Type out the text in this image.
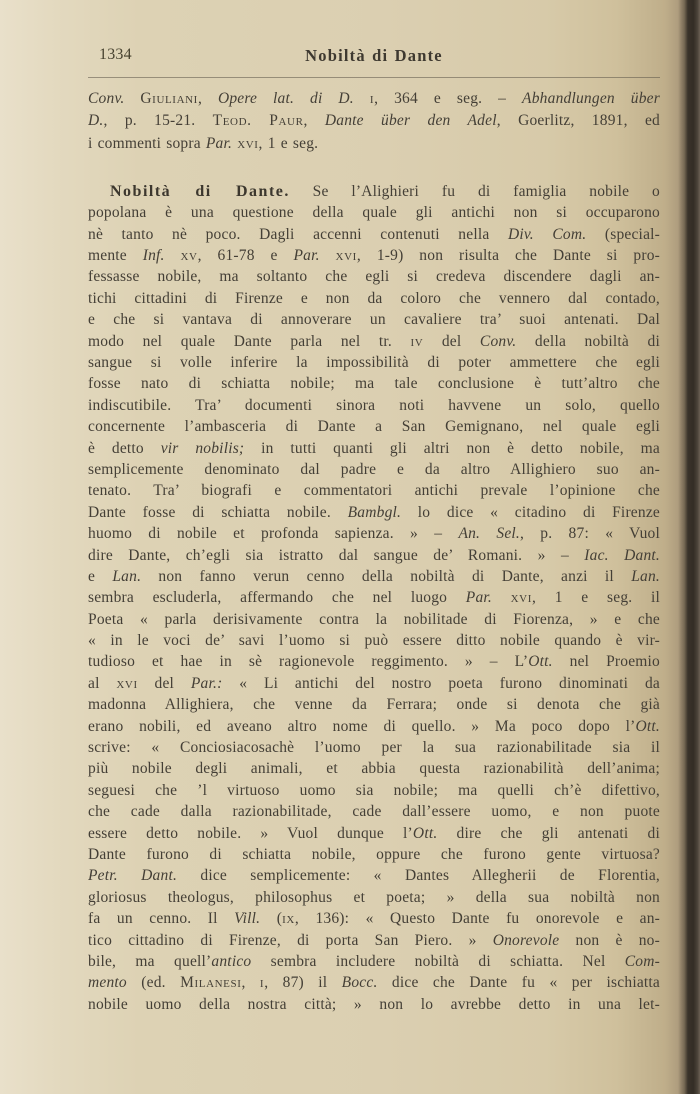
1334	Nobiltà di Dante
Conv. Giuliani, Opere lat. di D. i, 364 e seg. – Abhandlungen über
D., p. 15-21. Teod. Paur, Dante über den Adel, Goerlitz, 1891, ed
i commenti sopra Par. xvi, 1 e seg.
Nobiltà di Dante. Se l’Alighieri fu di famiglia nobile o
popolana è una questione della quale gli antichi non si occuparono
nè tanto nè poco. Dagli accenni contenuti nella Div. Com. (special-
mente Inf. xv, 61-78 e Par. xvi, 1-9) non risulta che Dante si pro-
fessasse nobile, ma soltanto che egli si credeva discendere dagli an-
tichi cittadini di Firenze e non da coloro che vennero dal contado,
e che si vantava di annoverare un cavaliere tra’ suoi antenati. Dal
modo nel quale Dante parla nel tr. iv del Conv. della nobiltà di
sangue si volle inferire la impossibilità di poter ammettere che egli
fosse nato di schiatta nobile; ma tale conclusione è tutt’altro che
indiscutibile. Tra’ documenti sinora noti havvene un solo, quello
concernente l’ambasceria di Dante a San Gemignano, nel quale egli
è detto vir nobilis; in tutti quanti gli altri non è detto nobile, ma
semplicemente denominato dal padre e da altro Allighiero suo an-
tenato. Tra’ biografi e commentatori antichi prevale l’opinione che
Dante fosse di schiatta nobile. Bambgl. lo dice « citadino di Firenze
huomo di nobile et profonda sapienza. » – An. Sel., p. 87: « Vuol
dire Dante, ch’egli sia istratto dal sangue de’ Romani. » – Iac. Dant.
e Lan. non fanno verun cenno della nobiltà di Dante, anzi il Lan.
sembra escluderla, affermando che nel luogo Par. xvi, 1 e seg. il
Poeta « parla derisivamente contra la nobilitade di Fiorenza, » e che
« in le voci de’ savi l’uomo si può essere ditto nobile quando è vir-
tudioso et hae in sè ragionevole reggimento. » – L’Ott. nel Proemio
al xvi del Par.: « Li antichi del nostro poeta furono dinominati da
madonna Allighiera, che venne da Ferrara; onde si denota che già
erano nobili, ed aveano altro nome di quello. » Ma poco dopo l’Ott.
scrive: « Conciosiacosachè l’uomo per la sua razionabilitade sia il
più nobile degli animali, et abbia questa razionabilità dell’anima;
seguesi che ’l virtuoso uomo sia nobile; ma quelli ch’è difettivo,
che cade dalla razionabilitade, cade dall’essere uomo, e non puote
essere detto nobile. » Vuol dunque l’Ott. dire che gli antenati di
Dante furono di schiatta nobile, oppure che furono gente virtuosa?
Petr. Dant. dice semplicemente: « Dantes Allegherii de Florentia,
gloriosus theologus, philosophus et poeta; » della sua nobiltà non
fa un cenno. Il Vill. (ix, 136): « Questo Dante fu onorevole e an-
tico cittadino di Firenze, di porta San Piero. » Onorevole non è no-
bile, ma quell’antico sembra includere nobiltà di schiatta. Nel Com-
mento (ed. Milanesi, i, 87) il Bocc. dice che Dante fu « per ischiatta
nobile uomo della nostra città; » non lo avrebbe detto in una let-
